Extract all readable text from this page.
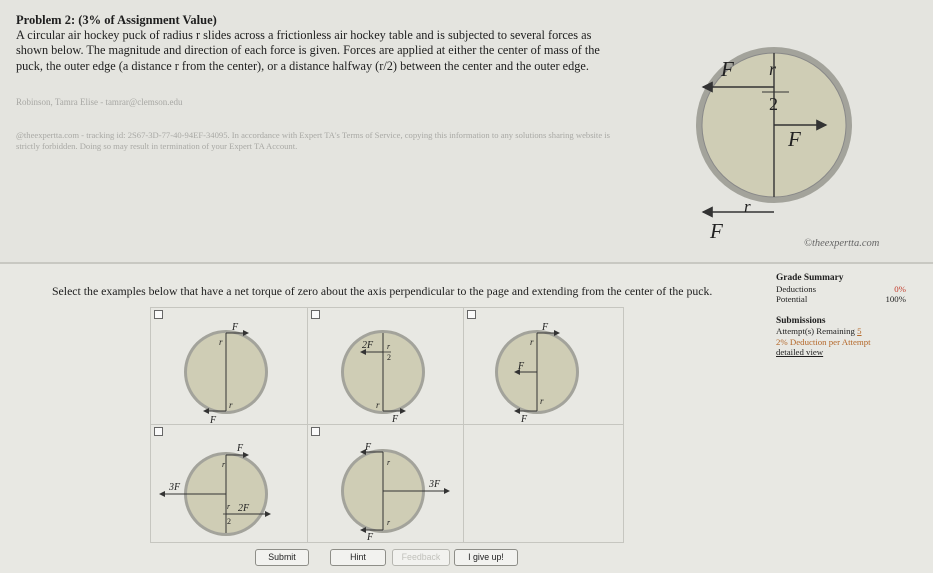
Problem 2: (3% of Assignment Value)

A circular air hockey puck of radius r slides across a frictionless air hockey table and is subjected to several forces as shown below. The magnitude and direction of each force is given. Forces are applied at either the center of mass of the puck, the outer edge (a distance r from the center), or a distance halfway (r/2) between the center and the outer edge.

Robinson, Tamra Elise - tamrar@clemson.edu

@theexpertta.com - tracking id: 2S67-3D-77-40-94EF-34095. In accordance with Expert TA's Terms of Service, copying this information to any solutions sharing website is strictly forbidden. Doing so may result in termination of your Expert TA Account.

F r
2
F
r
F
©theexpertta.com
Select the examples below that have a net torque of zero about the axis perpendicular to the page and extending from the center of the puck.
F
r
r
F
2F r
2
r
F
F
r
F
r
F
F
r
3F
r 2F
2
F
r
3F
r
F
Grade Summary
Deductions	0%
Potential	100%
Submissions
Attempt(s) Remaining 5
2% Deduction per Attempt
detailed view
Submit	Hint	Feedback	I give up!
